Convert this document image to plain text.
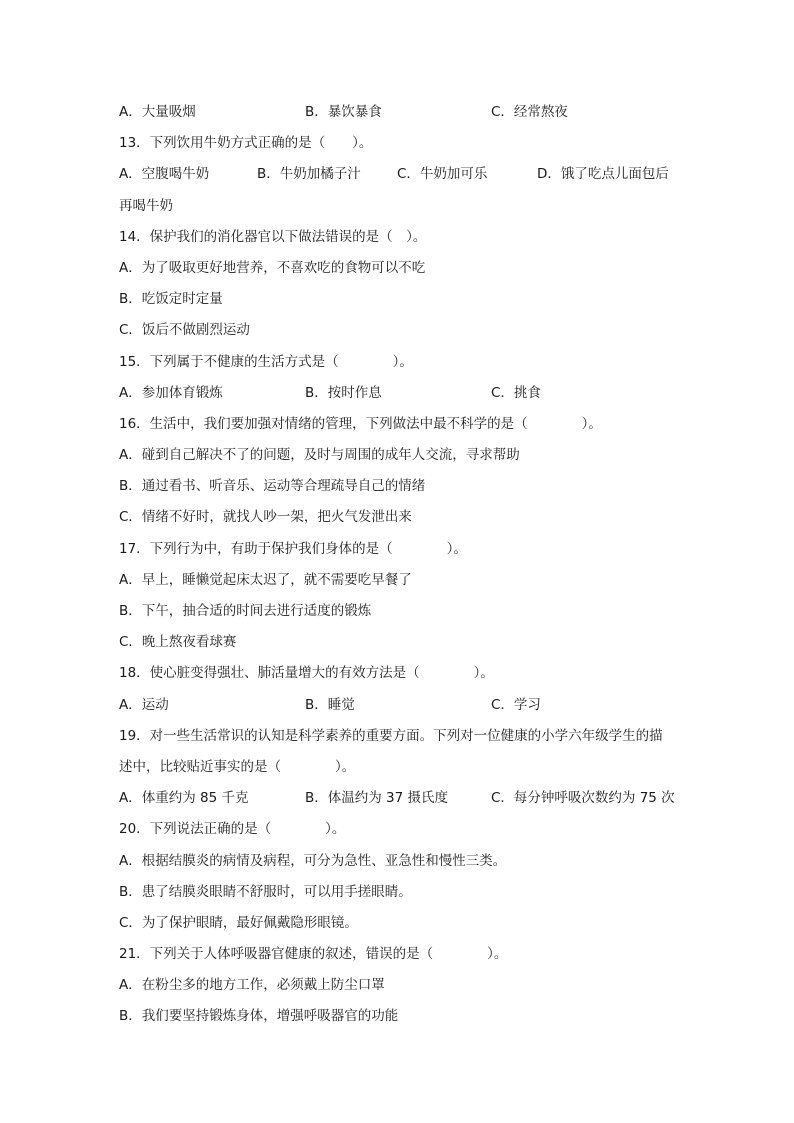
A．大量吸烟	B．暴饮暴食	C．经常熬夜
13．下列饮用牛奶方式正确的是（　　）。
A．空腹喝牛奶	B．牛奶加橘子汁	C．牛奶加可乐	D．饿了吃点儿面包后
再喝牛奶
14．保护我们的消化器官以下做法错误的是（　）。
A．为了吸取更好地营养，不喜欢吃的食物可以不吃
B．吃饭定时定量
C．饭后不做剧烈运动
15．下列属于不健康的生活方式是（　　　　）。
A．参加体育锻炼	B．按时作息	C．挑食
16．生活中，我们要加强对情绪的管理，下列做法中最不科学的是（　　　　）。
A．碰到自己解决不了的问题，及时与周围的成年人交流，寻求帮助
B．通过看书、听音乐、运动等合理疏导自己的情绪
C．情绪不好时，就找人吵一架，把火气发泄出来
17．下列行为中，有助于保护我们身体的是（　　　　）。
A．早上，睡懒觉起床太迟了，就不需要吃早餐了
B．下午，抽合适的时间去进行适度的锻炼
C．晚上熬夜看球赛
18．使心脏变得强壮、肺活量增大的有效方法是（　　　　）。
A．运动	B．睡觉	C．学习
19．对一些生活常识的认知是科学素养的重要方面。下列对一位健康的小学六年级学生的描
述中，比较贴近事实的是（　　　　）。
A．体重约为 85 千克	B．体温约为 37 摄氏度	C．每分钟呼吸次数约为 75 次
20．下列说法正确的是（　　　　）。
A．根据结膜炎的病情及病程，可分为急性、亚急性和慢性三类。
B．患了结膜炎眼睛不舒服时，可以用手搓眼睛。
C．为了保护眼睛，最好佩戴隐形眼镜。
21．下列关于人体呼吸器官健康的叙述，错误的是（　　　　）。
A．在粉尘多的地方工作，必须戴上防尘口罩
B．我们要坚持锻炼身体，增强呼吸器官的功能
